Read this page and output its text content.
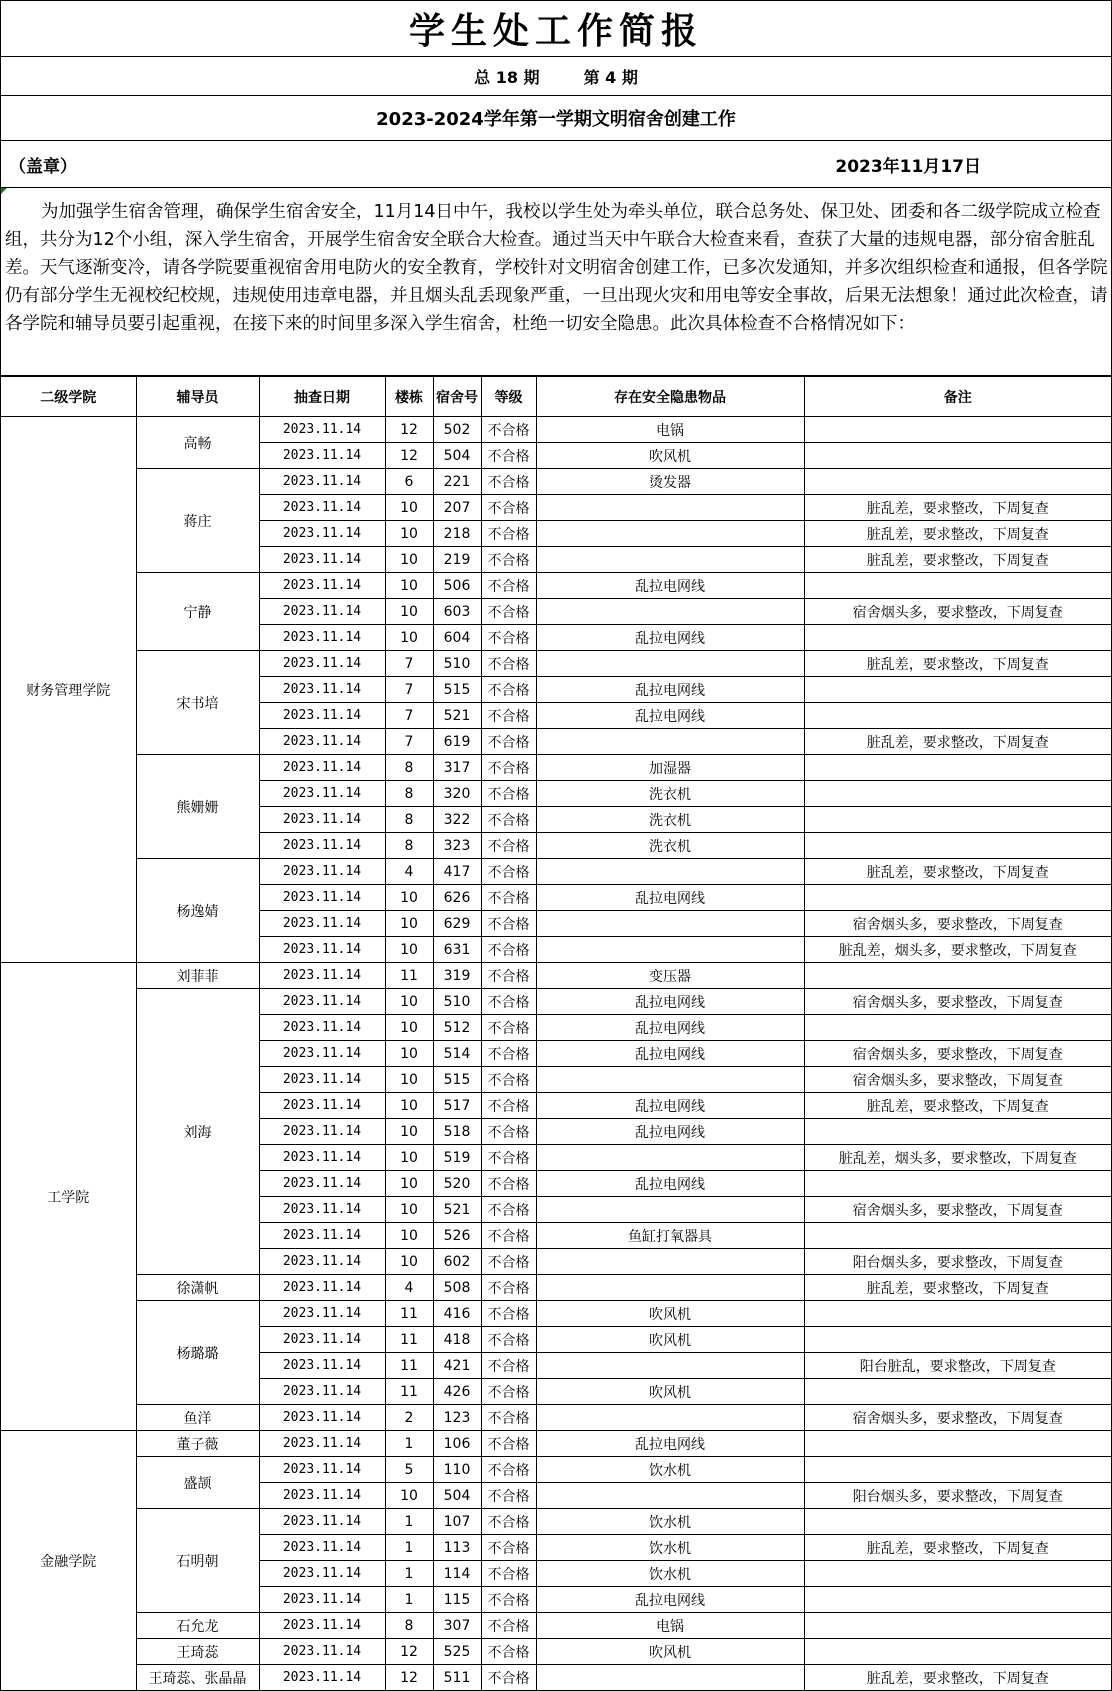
学生处工作简报
总 18 期	第 4 期
2023-2024学年第一学期文明宿舍创建工作
（盖章）	2023年11月17日
为加强学生宿舍管理，确保学生宿舍安全，11月14日中午，我校以学生处为牵头单位，联合总务处、保卫处、团委和各二级学院成立检查组，共分为12个小组，深入学生宿舍，开展学生宿舍安全联合大检查。通过当天中午联合大检查来看，查获了大量的违规电器，部分宿舍脏乱差。天气逐渐变冷，请各学院要重视宿舍用电防火的安全教育，学校针对文明宿舍创建工作，已多次发通知，并多次组织检查和通报，但各学院仍有部分学生无视校纪校规，违规使用违章电器，并且烟头乱丢现象严重，一旦出现火灾和用电等安全事故，后果无法想象！通过此次检查，请各学院和辅导员要引起重视，在接下来的时间里多深入学生宿舍，杜绝一切安全隐患。此次具体检查不合格情况如下：
二级学院	辅导员	抽查日期	楼栋	宿舍号	等级	存在安全隐患物品	备注
财务管理学院	高畅	2023.11.14	12	502	不合格	电锅	
		2023.11.14	12	504	不合格	吹风机	
	蒋庄	2023.11.14	6	221	不合格	烫发器	
		2023.11.14	10	207	不合格		脏乱差，要求整改，下周复查
		2023.11.14	10	218	不合格		脏乱差，要求整改，下周复查
		2023.11.14	10	219	不合格		脏乱差，要求整改，下周复查
	宁静	2023.11.14	10	506	不合格	乱拉电网线	
		2023.11.14	10	603	不合格		宿舍烟头多，要求整改，下周复查
		2023.11.14	10	604	不合格	乱拉电网线	
	宋书培	2023.11.14	7	510	不合格		脏乱差，要求整改，下周复查
		2023.11.14	7	515	不合格	乱拉电网线	
		2023.11.14	7	521	不合格	乱拉电网线	
		2023.11.14	7	619	不合格		脏乱差，要求整改，下周复查
	熊姗姗	2023.11.14	8	317	不合格	加湿器	
		2023.11.14	8	320	不合格	洗衣机	
		2023.11.14	8	322	不合格	洗衣机	
		2023.11.14	8	323	不合格	洗衣机	
	杨逸婧	2023.11.14	4	417	不合格		脏乱差，要求整改，下周复查
		2023.11.14	10	626	不合格	乱拉电网线	
		2023.11.14	10	629	不合格		宿舍烟头多，要求整改，下周复查
		2023.11.14	10	631	不合格		脏乱差，烟头多，要求整改，下周复查
工学院	刘菲菲	2023.11.14	11	319	不合格	变压器	
	刘海	2023.11.14	10	510	不合格	乱拉电网线	宿舍烟头多，要求整改，下周复查
		2023.11.14	10	512	不合格	乱拉电网线	
		2023.11.14	10	514	不合格	乱拉电网线	宿舍烟头多，要求整改，下周复查
		2023.11.14	10	515	不合格		宿舍烟头多，要求整改，下周复查
		2023.11.14	10	517	不合格	乱拉电网线	脏乱差，要求整改，下周复查
		2023.11.14	10	518	不合格	乱拉电网线	
		2023.11.14	10	519	不合格		脏乱差，烟头多，要求整改，下周复查
		2023.11.14	10	520	不合格	乱拉电网线	
		2023.11.14	10	521	不合格		宿舍烟头多，要求整改，下周复查
		2023.11.14	10	526	不合格	鱼缸打氧器具	
		2023.11.14	10	602	不合格		阳台烟头多，要求整改，下周复查
	徐潇帆	2023.11.14	4	508	不合格		脏乱差，要求整改，下周复查
	杨璐璐	2023.11.14	11	416	不合格	吹风机	
		2023.11.14	11	418	不合格	吹风机	
		2023.11.14	11	421	不合格		阳台脏乱，要求整改，下周复查
		2023.11.14	11	426	不合格	吹风机	
	鱼洋	2023.11.14	2	123	不合格		宿舍烟头多，要求整改，下周复查
金融学院	董子薇	2023.11.14	1	106	不合格	乱拉电网线	
	盛颉	2023.11.14	5	110	不合格	饮水机	
		2023.11.14	10	504	不合格		阳台烟头多，要求整改，下周复查
	石明朝	2023.11.14	1	107	不合格	饮水机	
		2023.11.14	1	113	不合格	饮水机	脏乱差，要求整改，下周复查
		2023.11.14	1	114	不合格	饮水机	
		2023.11.14	1	115	不合格	乱拉电网线	
	石允龙	2023.11.14	8	307	不合格	电锅	
	王琦蕊	2023.11.14	12	525	不合格	吹风机	
	王琦蕊、张晶晶	2023.11.14	12	511	不合格		脏乱差，要求整改，下周复查
